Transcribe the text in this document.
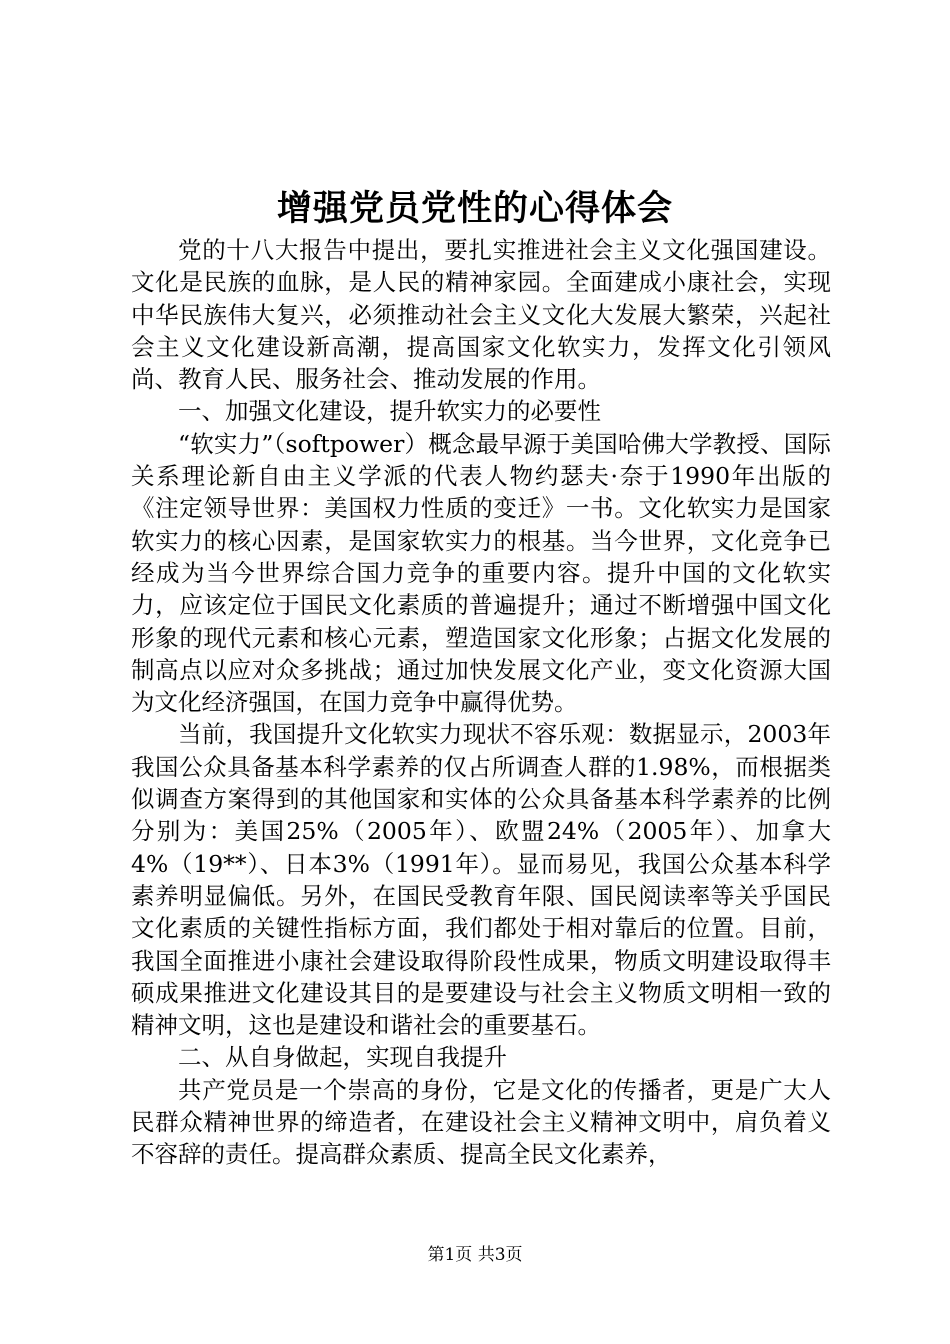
增强党员党性的心得体会

党的十八大报告中提出，要扎实推进社会主义文化强国建设。文化是民族的血脉，是人民的精神家园。全面建成小康社会，实现中华民族伟大复兴，必须推动社会主义文化大发展大繁荣，兴起社会主义文化建设新高潮，提高国家文化软实力，发挥文化引领风尚、教育人民、服务社会、推动发展的作用。

一、加强文化建设，提升软实力的必要性

“软实力”（softpower）概念最早源于美国哈佛大学教授、国际关系理论新自由主义学派的代表人物约瑟夫·奈于1990年出版的《注定领导世界：美国权力性质的变迁》一书。文化软实力是国家软实力的核心因素，是国家软实力的根基。当今世界，文化竞争已经成为当今世界综合国力竞争的重要内容。提升中国的文化软实力，应该定位于国民文化素质的普遍提升；通过不断增强中国文化形象的现代元素和核心元素，塑造国家文化形象；占据文化发展的制高点以应对众多挑战；通过加快发展文化产业，变文化资源大国为文化经济强国，在国力竞争中赢得优势。

当前，我国提升文化软实力现状不容乐观：数据显示，2003年我国公众具备基本科学素养的仅占所调查人群的1.98%，而根据类似调查方案得到的其他国家和实体的公众具备基本科学素养的比例分别为：美国25%（2005年）、欧盟24%（2005年）、加拿大4%（19**）、日本3%（1991年）。显而易见，我国公众基本科学素养明显偏低。另外，在国民受教育年限、国民阅读率等关乎国民文化素质的关键性指标方面，我们都处于相对靠后的位置。目前，我国全面推进小康社会建设取得阶段性成果，物质文明建设取得丰硕成果推进文化建设其目的是要建设与社会主义物质文明相一致的精神文明，这也是建设和谐社会的重要基石。

二、从自身做起，实现自我提升

共产党员是一个崇高的身份，它是文化的传播者，更是广大人民群众精神世界的缔造者，在建设社会主义精神文明中，肩负着义不容辞的责任。提高群众素质、提高全民文化素养，

第1页 共3页
